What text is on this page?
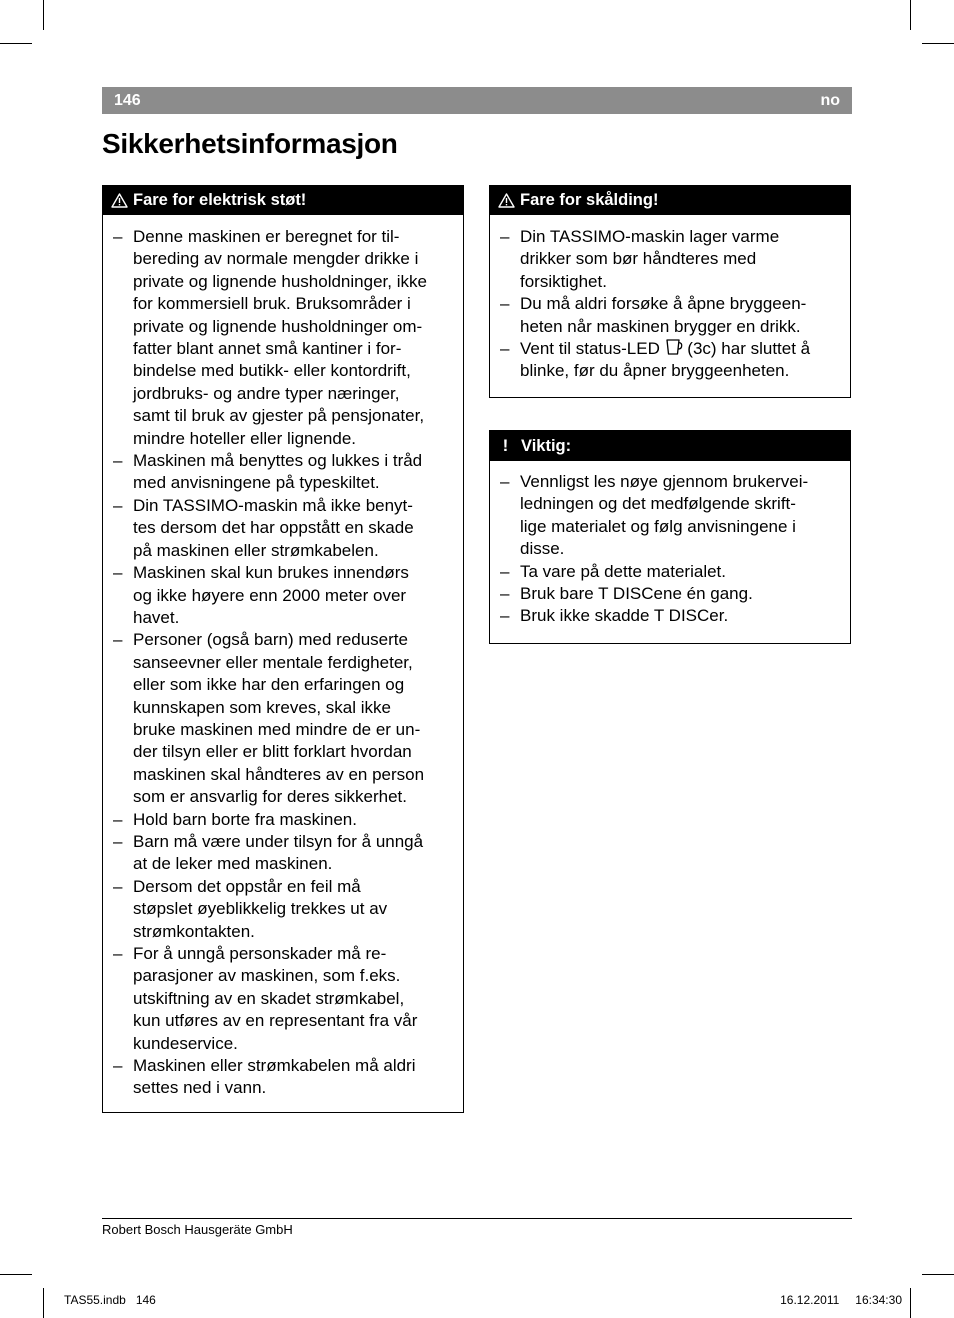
146	no
Sikkerhetsinformasjon
Fare for elektrisk støt!
– Denne maskinen er beregnet for til-
bereding av normale mengder drikke i
private og lignende husholdninger, ikke
for kommersiell bruk. Bruksområder i
private og lignende husholdninger om-
fatter blant annet små kantiner i for-
bindelse med butikk- eller kontordrift,
jordbruks- og andre typer næringer,
samt til bruk av gjester på pensjonater,
mindre hoteller eller lignende.
– Maskinen må benyttes og lukkes i tråd
med anvisningene på typeskiltet.
– Din TASSIMO-maskin må ikke benyt-
tes dersom det har oppstått en skade
på maskinen eller strømkabelen.
– Maskinen skal kun brukes innendørs
og ikke høyere enn 2000 meter over
havet.
– Personer (også barn) med reduserte
sanseevner eller mentale ferdigheter,
eller som ikke har den erfaringen og
kunnskapen som kreves, skal ikke
bruke maskinen med mindre de er un-
der tilsyn eller er blitt forklart hvordan
maskinen skal håndteres av en person
som er ansvarlig for deres sikkerhet.
– Hold barn borte fra maskinen.
– Barn må være under tilsyn for å unngå
at de leker med maskinen.
– Dersom det oppstår en feil må
støpslet øyeblikkelig trekkes ut av
strømkontakten.
– For å unngå personskader må re-
parasjoner av maskinen, som f.eks.
utskiftning av en skadet strømkabel,
kun utføres av en representant fra vår
kundeservice.
– Maskinen eller strømkabelen må aldri
settes ned i vann.
Fare for skålding!
– Din TASSIMO-maskin lager varme
drikker som bør håndteres med
forsiktighet.
– Du må aldri forsøke å åpne bryggeen-
heten når maskinen brygger en drikk.
– Vent til status-LED  (3c) har sluttet å
blinke, før du åpner bryggeenheten.
! Viktig:
– Vennligst les nøye gjennom brukervei-
ledningen og det medfølgende skrift-
lige materialet og følg anvisningene i
disse.
– Ta vare på dette materialet.
– Bruk bare T DISCene én gang.
– Bruk ikke skadde T DISCer.
Robert Bosch Hausgeräte GmbH
TAS55.indb   146	16.12.2011   16:34:30
